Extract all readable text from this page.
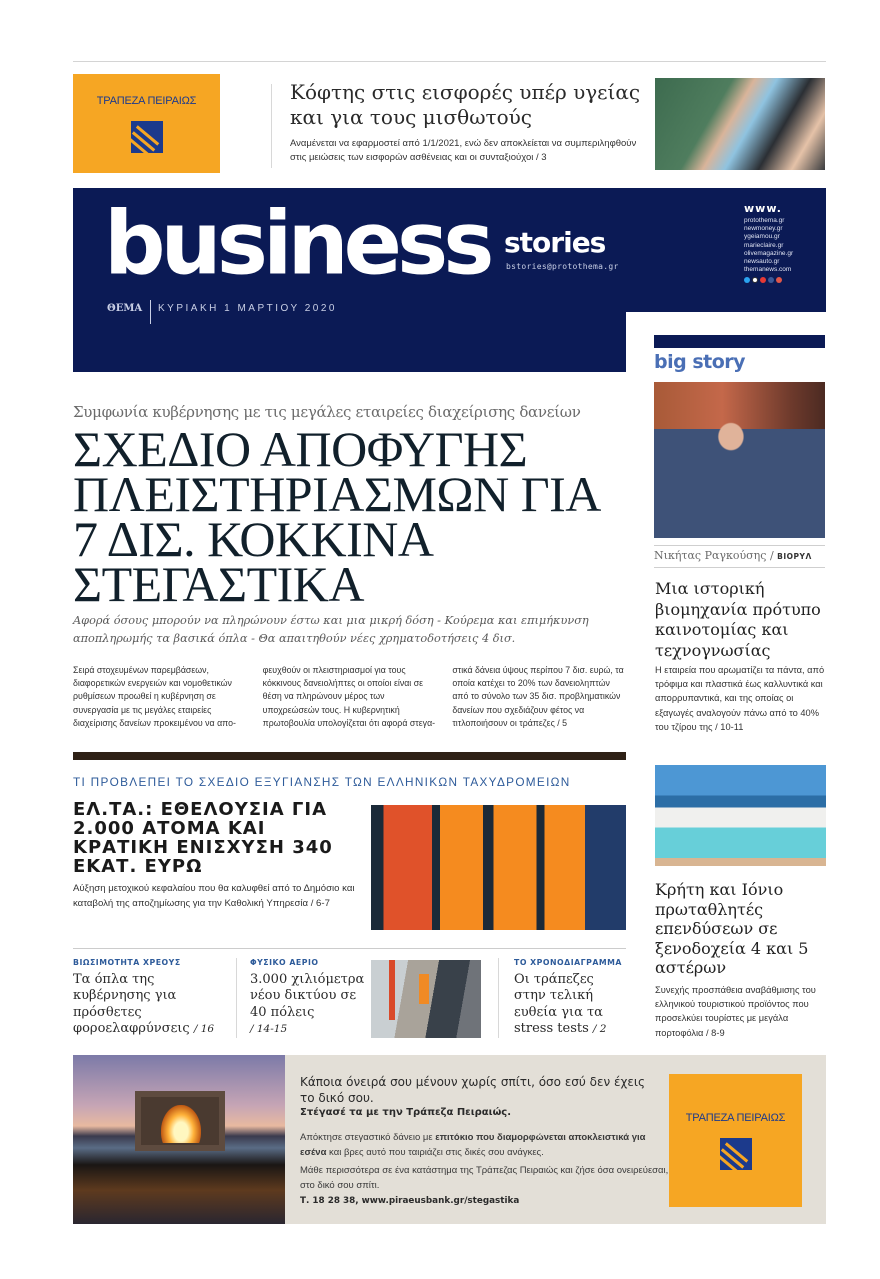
ΤΡΑΠΕΖΑ ΠΕΙΡΑΙΩΣ	Κόφτης στις εισφορές υπέρ υγείας και για τους μισθωτούς
Αναμένεται να εφαρμοστεί από 1/1/2021, ενώ δεν αποκλείεται να συμπεριληφθούν στις μειώσεις των εισφορών ασθένειας και οι συνταξιούχοι / 3
business stories
bstories@protothema.gr
ΘΕΜΑ ΚΥΡΙΑΚΗ 1 ΜΑΡΤΙΟΥ 2020
www.
protothema.gr
newmoney.gr
ygeiamou.gr
marieclaire.gr
olivemagazine.gr
newsauto.gr
themanews.com
big story
Νικήτας Ραγκούσης / ΒΙΟΡΥΛ
Μια ιστορική βιομηχανία πρότυπο καινοτομίας και τεχνογνωσίας
Η εταιρεία που αρωματίζει τα πάντα, από τρόφιμα και πλαστικά έως καλλυντικά και απορρυπαντικά, και της οποίας οι εξαγωγές αναλογούν πάνω από το 40% του τζίρου της / 10-11
Συμφωνία κυβέρνησης με τις μεγάλες εταιρείες διαχείρισης δανείων
ΣΧΕΔΙΟ ΑΠΟΦΥΓΗΣ ΠΛΕΙΣΤΗΡΙΑΣΜΩΝ ΓΙΑ 7 ΔΙΣ. ΚΟΚΚΙΝΑ ΣΤΕΓΑΣΤΙΚΑ
Αφορά όσους μπορούν να πληρώνουν έστω και μια μικρή δόση - Κούρεμα και επιμήκυνση αποπληρωμής τα βασικά όπλα - Θα απαιτηθούν νέες χρηματοδοτήσεις 4 δισ.

Σειρά στοχευμένων παρεμβάσεων, διαφορετικών ενεργειών και νομοθετικών ρυθμίσεων προωθεί η κυβέρνηση σε συνεργασία με τις μεγάλες εταιρείες διαχείρισης δανείων προκειμένου να απο-

φευχθούν οι πλειστηριασμοί για τους κόκκινους δανειολήπτες οι οποίοι είναι σε θέση να πληρώνουν μέρος των υποχρεώσεών τους. Η κυβερνητική πρωτοβουλία υπολογίζεται ότι αφορά στεγα-

στικά δάνεια ύψους περίπου 7 δισ. ευρώ, τα οποία κατέχει το 20% των δανειοληπτών από το σύνολο των 35 δισ. προβληματικών δανείων που σχεδιάζουν φέτος να τιτλοποιήσουν οι τράπεζες / 5

ΤΙ ΠΡΟΒΛΕΠΕΙ ΤΟ ΣΧΕΔΙΟ ΕΞΥΓΙΑΝΣΗΣ ΤΩΝ ΕΛΛΗΝΙΚΩΝ ΤΑΧΥΔΡΟΜΕΙΩΝ
ΕΛ.ΤΑ.: ΕΘΕΛΟΥΣΙΑ ΓΙΑ 2.000 ΑΤΟΜΑ ΚΑΙ ΚΡΑΤΙΚΗ ΕΝΙΣΧΥΣΗ 340 ΕΚΑΤ. ΕΥΡΩ
Αύξηση μετοχικού κεφαλαίου που θα καλυφθεί από το Δημόσιο και καταβολή της αποζημίωσης για την Καθολική Υπηρεσία / 6-7
ΒΙΩΣΙΜΟΤΗΤΑ ΧΡΕΟΥΣ
Τα όπλα της κυβέρνησης για πρόσθετες φοροελαφρύνσεις / 16
ΦΥΣΙΚΟ ΑΕΡΙΟ
3.000 χιλιόμετρα νέου δικτύου σε 40 πόλεις
/ 14-15
ΤΟ ΧΡΟΝΟΔΙΑΓΡΑΜΜΑ
Οι τράπεζες στην τελική ευθεία για τα stress tests / 2
Κρήτη και Ιόνιο πρωταθλητές επενδύσεων σε ξενοδοχεία 4 και 5 αστέρων
Συνεχής προσπάθεια αναβάθμισης του ελληνικού τουριστικού προϊόντος που προσελκύει τουρίστες με μεγάλα πορτοφόλια / 8-9
Κάποια όνειρά σου μένουν χωρίς σπίτι, όσο εσύ δεν έχεις το δικό σου.
Στέγασέ τα με την Τράπεζα Πειραιώς.
Απόκτησε στεγαστικό δάνειο με επιτόκιο που διαμορφώνεται αποκλειστικά για εσένα και βρες αυτό που ταιριάζει στις δικές σου ανάγκες.
Μάθε περισσότερα σε ένα κατάστημα της Τράπεζας Πειραιώς και ζήσε όσα ονειρεύεσαι, στο δικό σου σπίτι.
Τ. 18 28 38, www.piraeusbank.gr/stegastika
ΤΡΑΠΕΖΑ ΠΕΙΡΑΙΩΣ
